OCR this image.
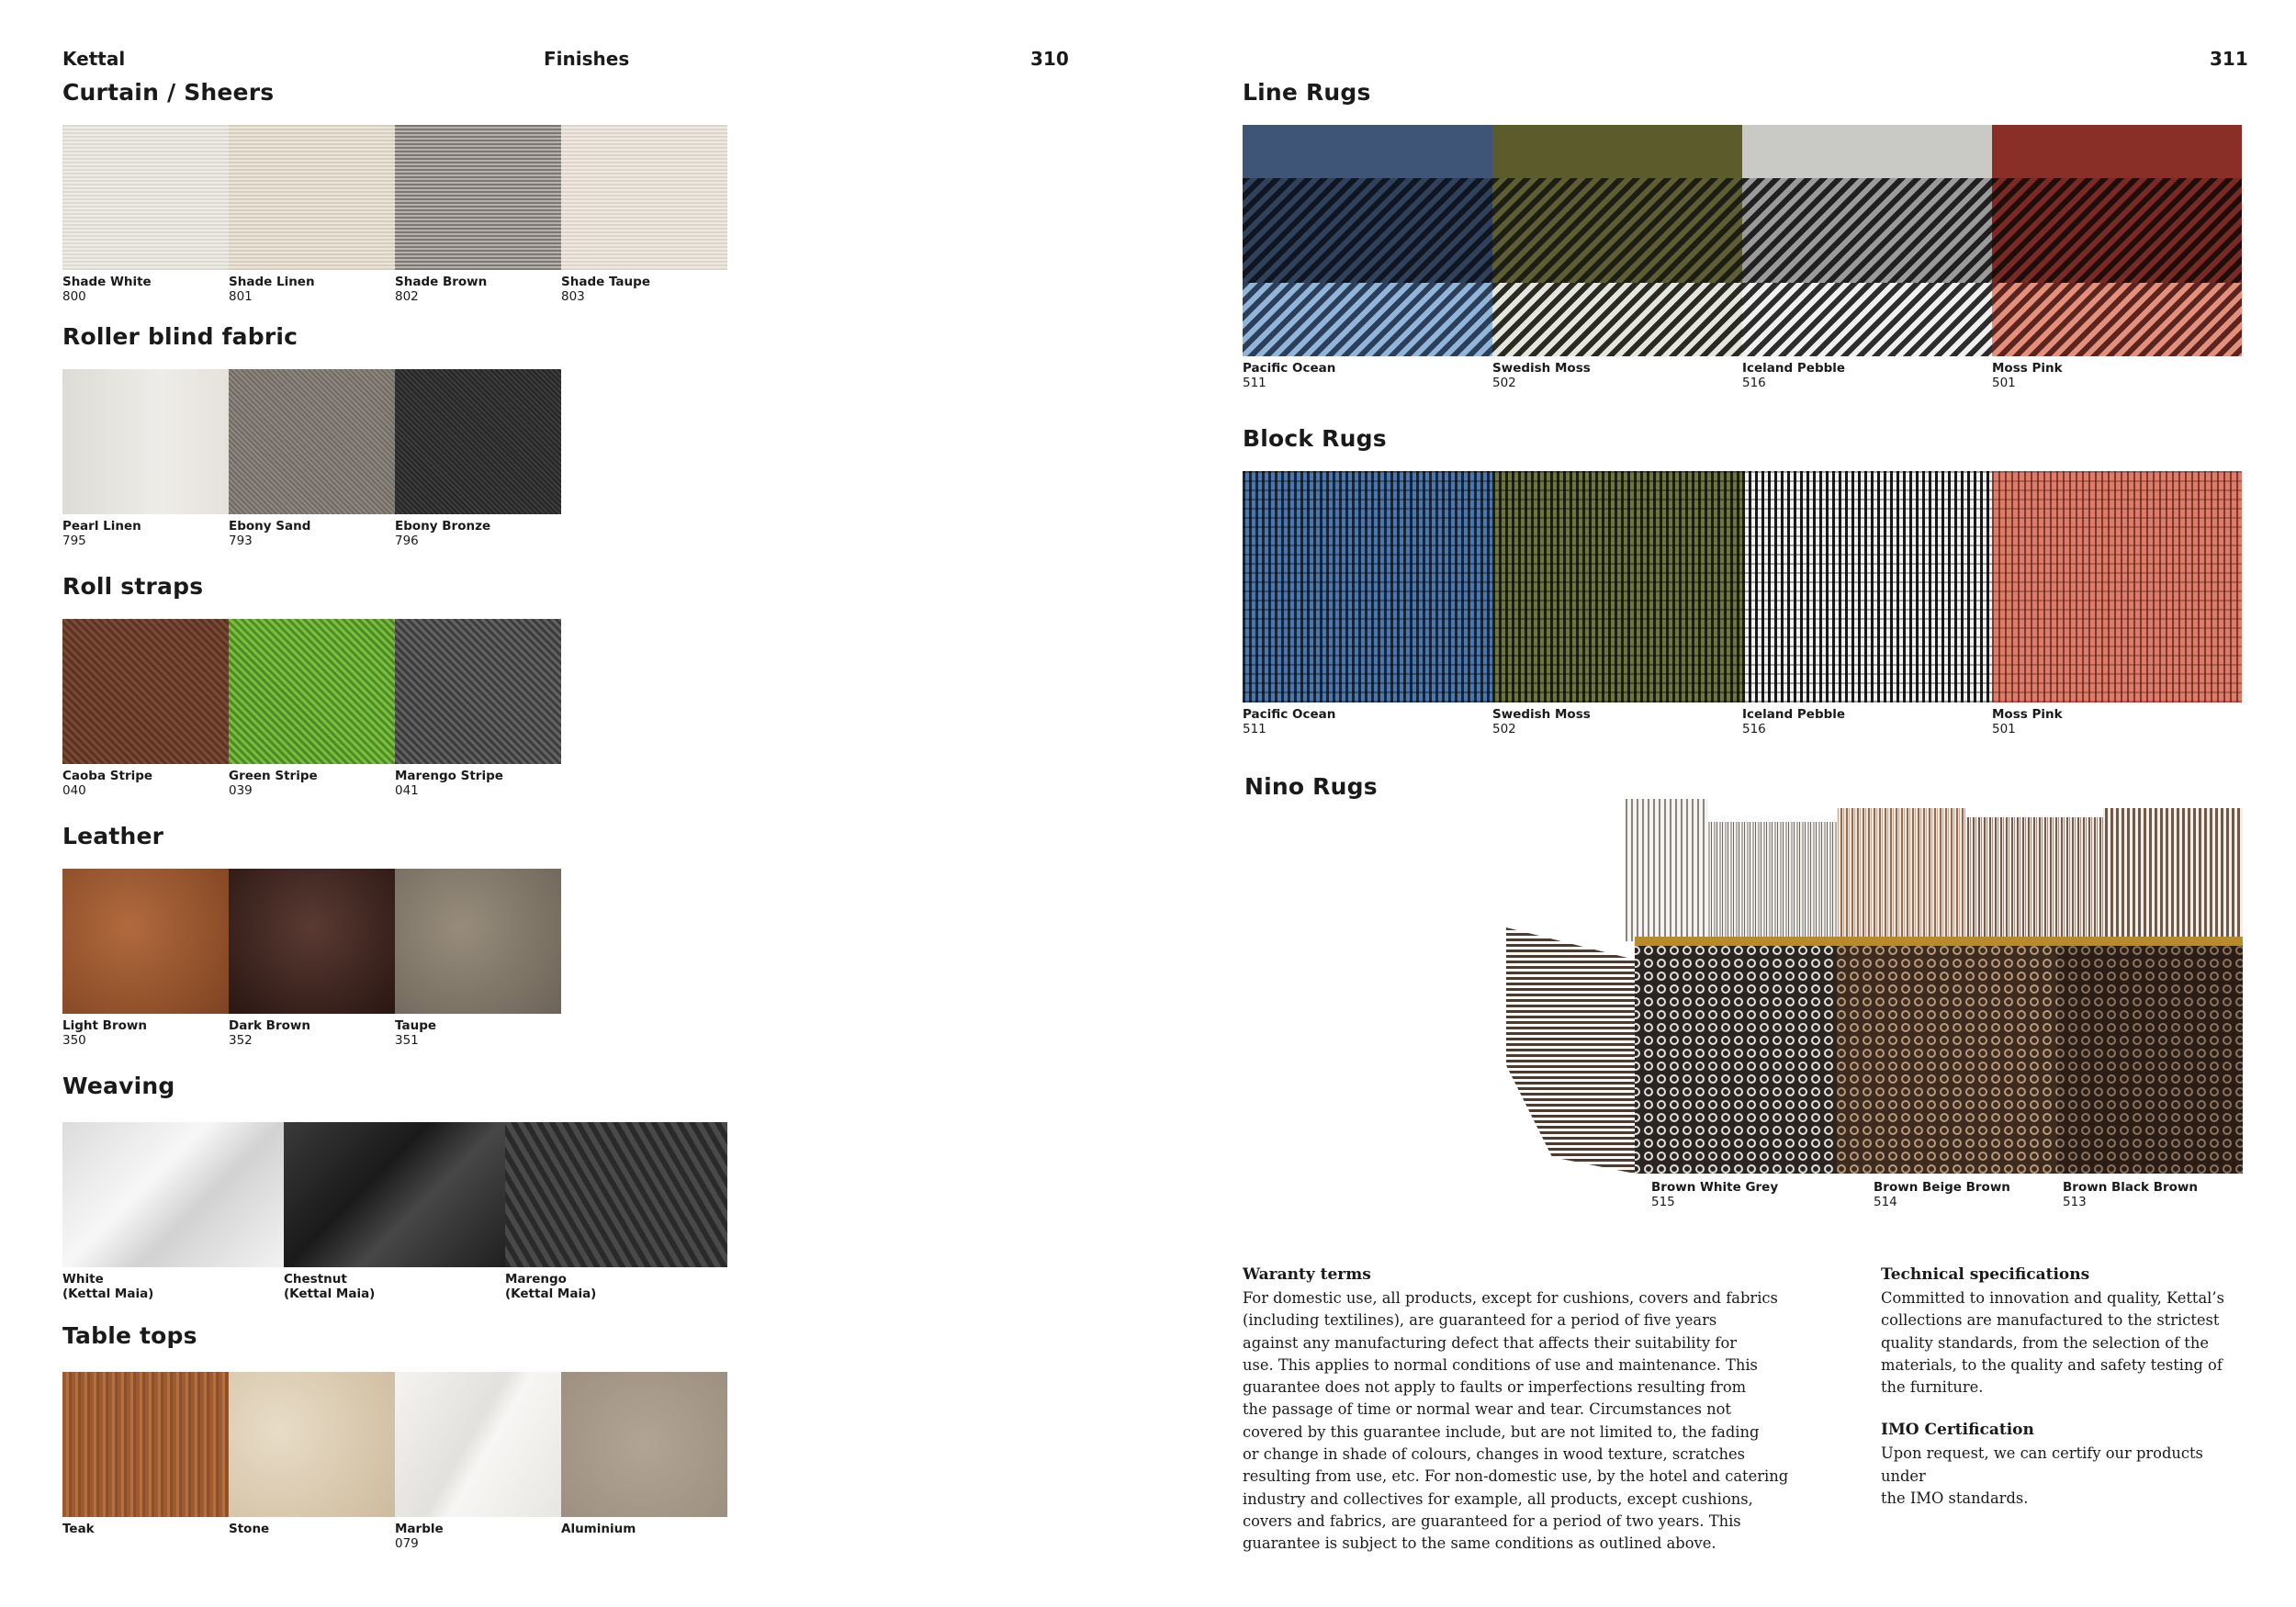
Kettal	Finishes	310	311
Curtain / Sheers
Shade White
800
Shade Linen
801
Shade Brown
802
Shade Taupe
803
Roller blind fabric
Pearl Linen
795
Ebony Sand
793
Ebony Bronze
796
Roll straps
Caoba Stripe
040
Green Stripe
039
Marengo Stripe
041
Leather
Light Brown
350
Dark Brown
352
Taupe
351
Weaving
White
(Kettal Maia)
Chestnut
(Kettal Maia)
Marengo
(Kettal Maia)
Table tops
Teak	Stone	Marble
079
Aluminium
Line Rugs
Pacific Ocean
511
Swedish Moss
502
Iceland Pebble
516
Moss Pink
501
Block Rugs
Pacific Ocean
511
Swedish Moss
502
Iceland Pebble
516
Moss Pink
501
Nino Rugs
Brown White Grey
515
Brown Beige Brown
514
Brown Black Brown
513
Waranty terms
For domestic use, all products, except for cushions, covers and fabrics
(including textilines), are guaranteed for a period of five years
against any manufacturing defect that affects their suitability for
use. This applies to normal conditions of use and maintenance. This
guarantee does not apply to faults or imperfections resulting from
the passage of time or normal wear and tear. Circumstances not
covered by this guarantee include, but are not limited to, the fading
or change in shade of colours, changes in wood texture, scratches
resulting from use, etc. For non-domestic use, by the hotel and catering
industry and collectives for example, all products, except cushions,
covers and fabrics, are guaranteed for a period of two years. This
guarantee is subject to the same conditions as outlined above.
Technical specifications
Committed to innovation and quality, Kettal’s
collections are manufactured to the strictest
quality standards, from the selection of the
materials, to the quality and safety testing of
the furniture.
IMO Certification
Upon request, we can certify our products under
the IMO standards.
